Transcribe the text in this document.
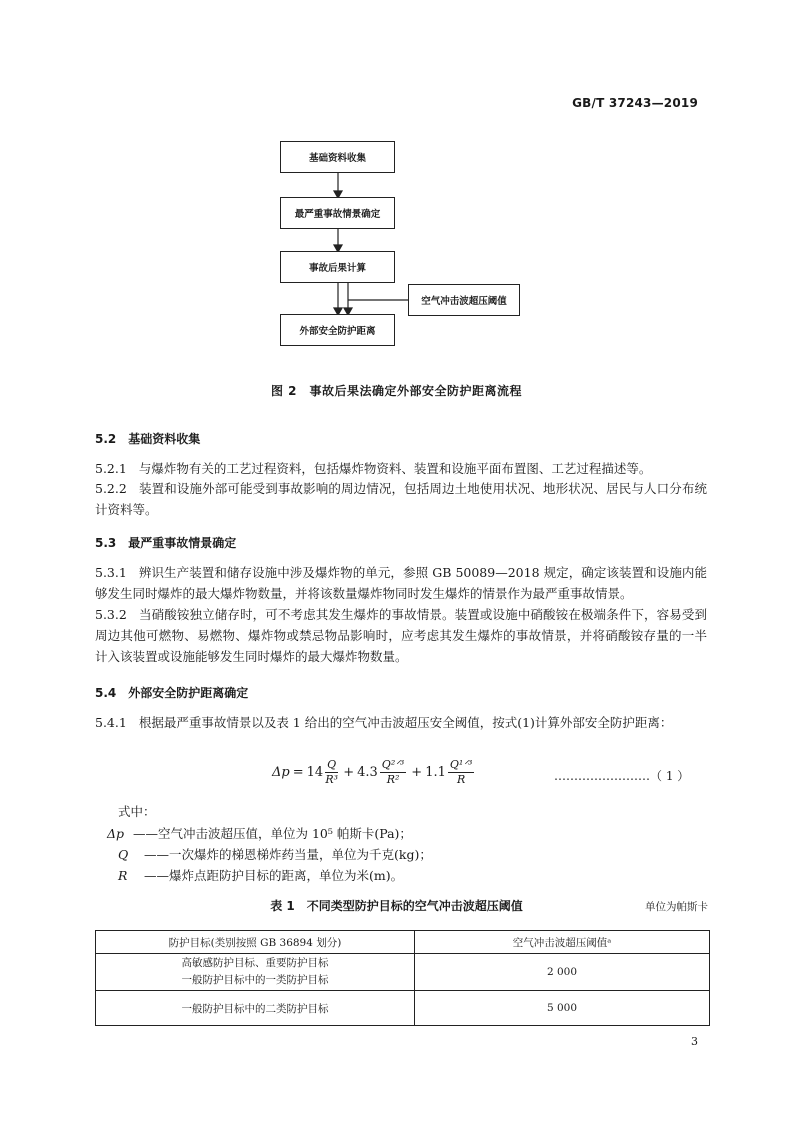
GB/T 37243—2019
基础资料收集
最严重事故情景确定
事故后果计算
空气冲击波超压阈值
外部安全防护距离
图 2　事故后果法确定外部安全防护距离流程
5.2　基础资料收集
5.2.1 与爆炸物有关的工艺过程资料，包括爆炸物资料、装置和设施平面布置图、工艺过程描述等。
5.2.2 装置和设施外部可能受到事故影响的周边情况，包括周边土地使用状况、地形状况、居民与人口分布统计资料等。
5.3　最严重事故情景确定
5.3.1 辨识生产装置和储存设施中涉及爆炸物的单元，参照 GB 50089—2018 规定，确定该装置和设施内能够发生同时爆炸的最大爆炸物数量，并将该数量爆炸物同时发生爆炸的情景作为最严重事故情景。
5.3.2 当硝酸铵独立储存时，可不考虑其发生爆炸的事故情景。装置或设施中硝酸铵在极端条件下，容易受到周边其他可燃物、易燃物、爆炸物或禁忌物品影响时，应考虑其发生爆炸的事故情景，并将硝酸铵存量的一半计入该装置或设施能够发生同时爆炸的最大爆炸物数量。
5.4　外部安全防护距离确定
5.4.1 根据最严重事故情景以及表 1 给出的空气冲击波超压安全阈值，按式(1)计算外部安全防护距离：
$\Delta p = 14 \frac{Q}{\text{R³}} + 4.3 \frac{\text{Q²ᐟ³}}{\text{R²}} + 1.1 \frac{\text{Q¹ᐟ³}}{R}$	……………………（ 1 ）
式中：
Δp ——空气冲击波超压值，单位为 10⁵ 帕斯卡(Pa)；
Q ——一次爆炸的梯恩梯炸药当量，单位为千克(kg)；
R ——爆炸点距防护目标的距离，单位为米(m)。
表 1　不同类型防护目标的空气冲击波超压阈值	单位为帕斯卡
防护目标(类别按照 GB 36894 划分)	空气冲击波超压阈值ᵃ

高敏感防护目标、重要防护目标
一般防护目标中的一类防护目标	2 000
一般防护目标中的二类防护目标	5 000
3
